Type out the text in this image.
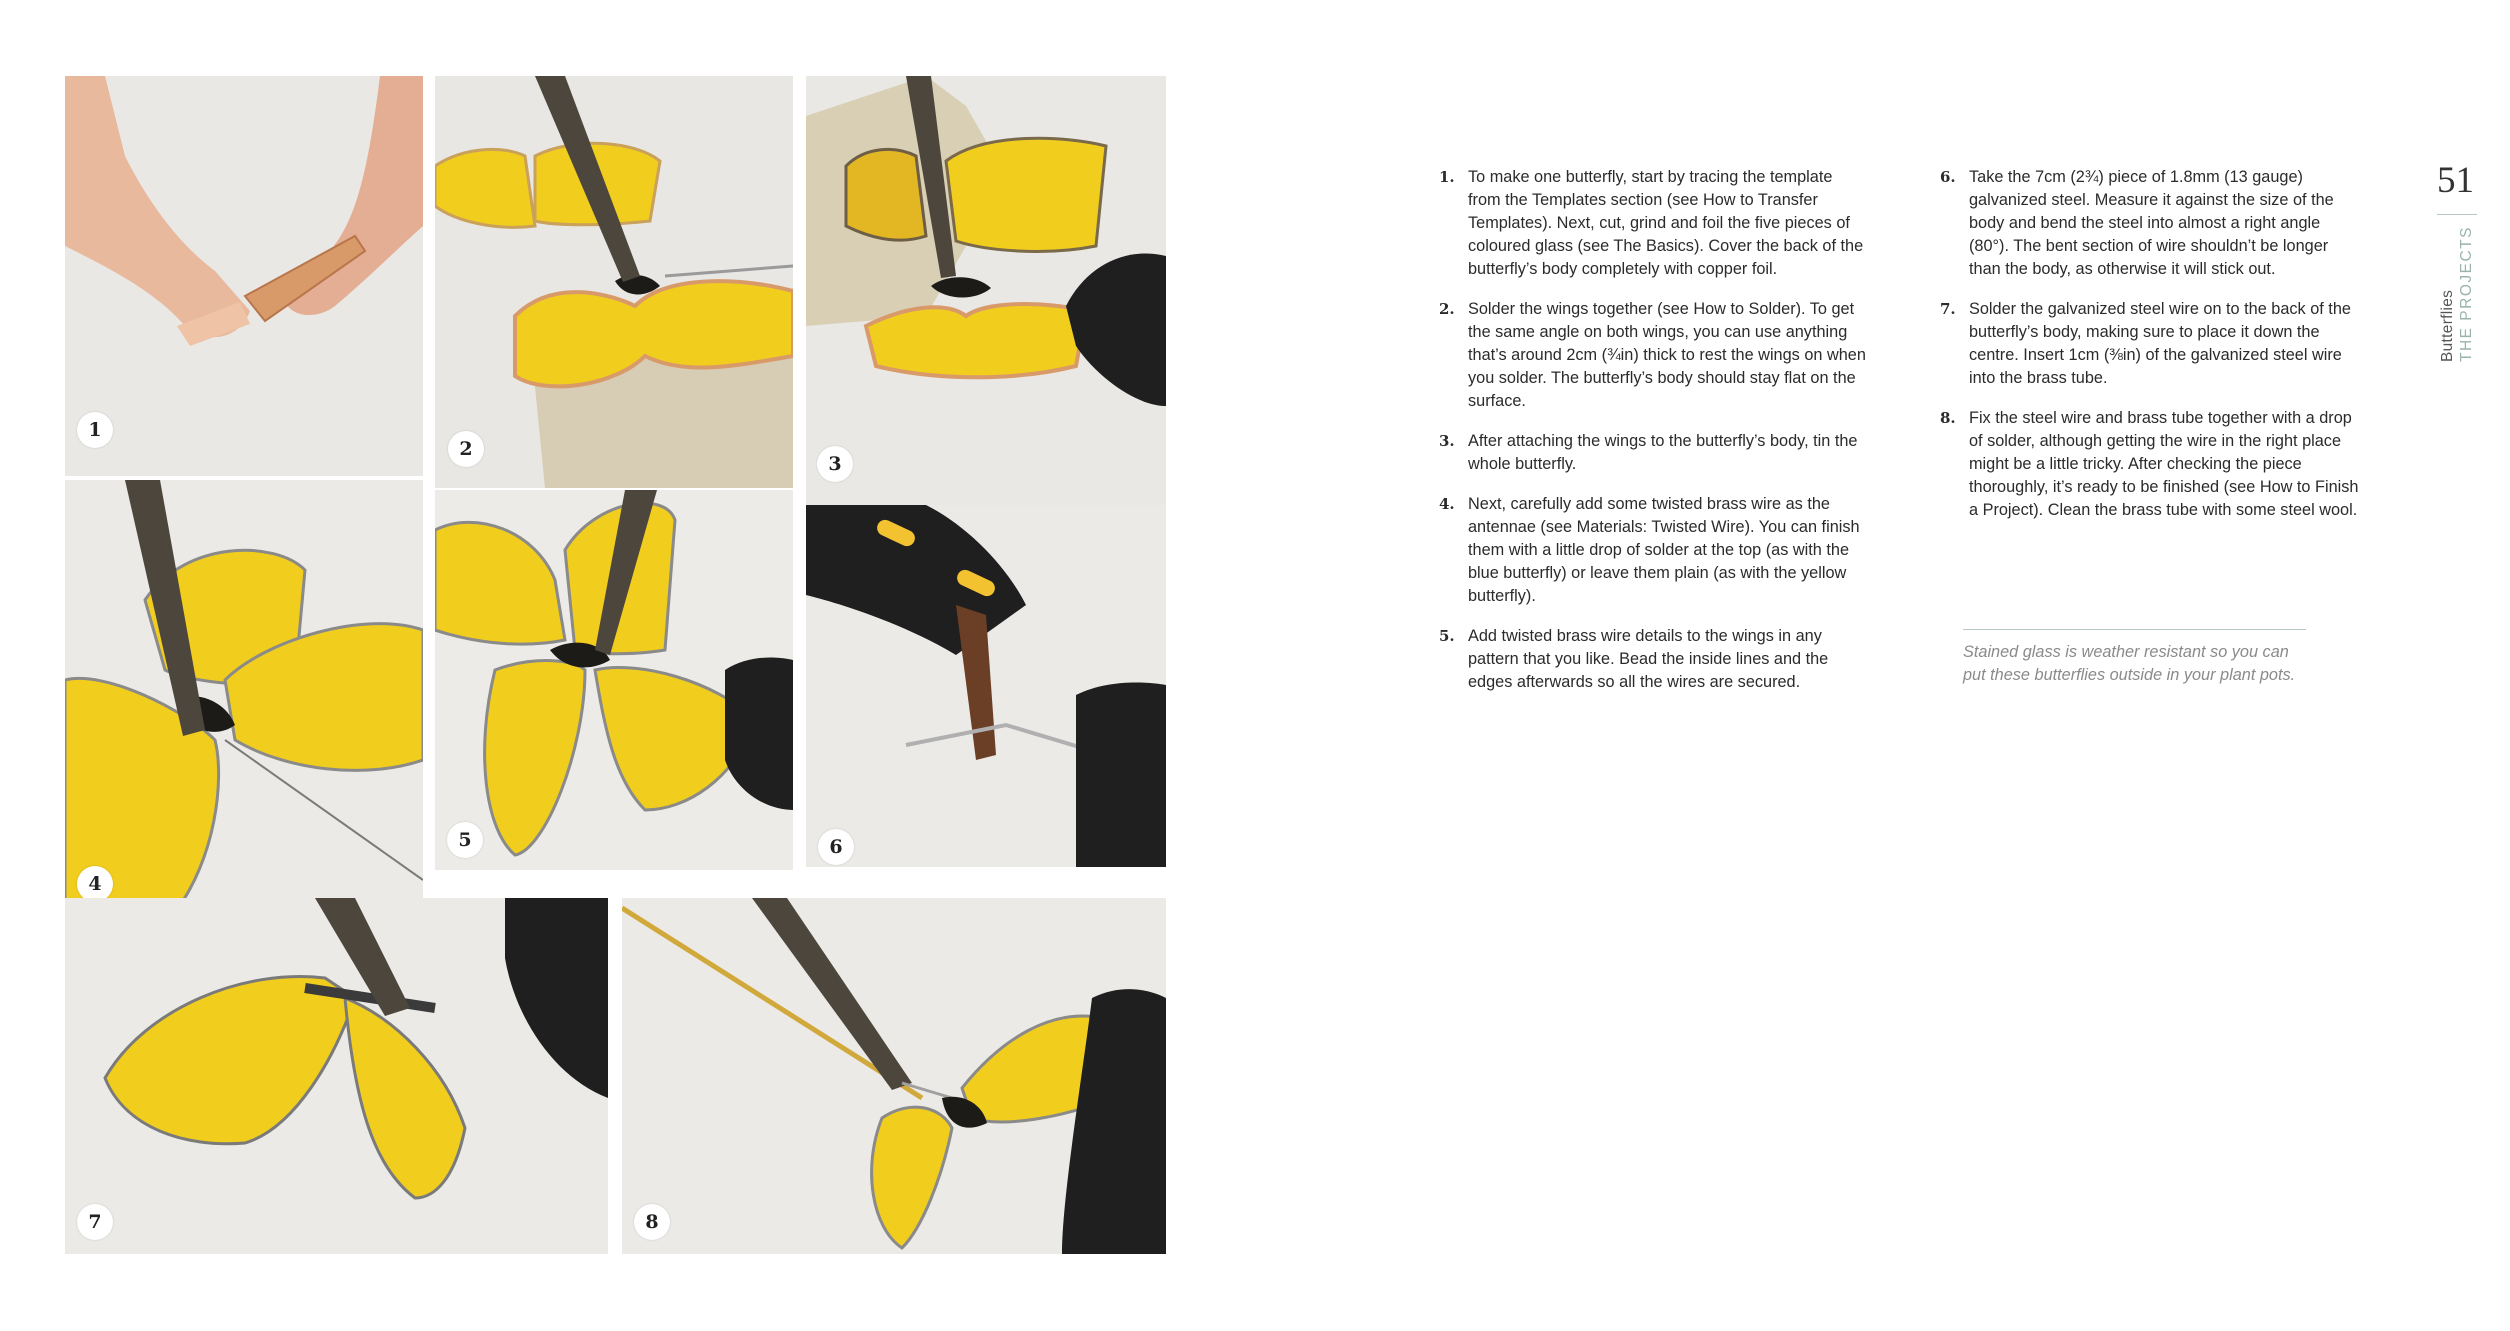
1
2
3
4
5	6
7	8
1. To make one butterfly, start by tracing the template from the Templates section (see How to Transfer Templates). Next, cut, grind and foil the five pieces of coloured glass (see The Basics). Cover the back of the butterfly’s body completely with copper foil.
2. Solder the wings together (see How to Solder). To get the same angle on both wings, you can use anything that’s around 2cm (¾in) thick to rest the wings on when you solder. The butterfly’s body should stay flat on the surface.
3. After attaching the wings to the butterfly’s body, tin the whole butterfly.
4. Next, carefully add some twisted brass wire as the antennae (see Materials: Twisted Wire). You can finish them with a little drop of solder at the top (as with the blue butterfly) or leave them plain (as with the yellow butterfly).
5. Add twisted brass wire details to the wings in any pattern that you like. Bead the inside lines and the edges afterwards so all the wires are secured.
6. Take the 7cm (2¾) piece of 1.8mm (13 gauge) galvanized steel. Measure it against the size of the body and bend the steel into almost a right angle (80°). The bent section of wire shouldn’t be longer than the body, as otherwise it will stick out.
7. Solder the galvanized steel wire on to the back of the butterfly’s body, making sure to place it down the centre. Insert 1cm (⅜in) of the galvanized steel wire into the brass tube.
8. Fix the steel wire and brass tube together with a drop of solder, although getting the wire in the right place might be a little tricky. After checking the piece thoroughly, it’s ready to be finished (see How to Finish a Project). Clean the brass tube with some steel wool.
Stained glass is weather resistant so you can put these butterflies outside in your plant pots.
51
Butterflies THE PROJECTS
